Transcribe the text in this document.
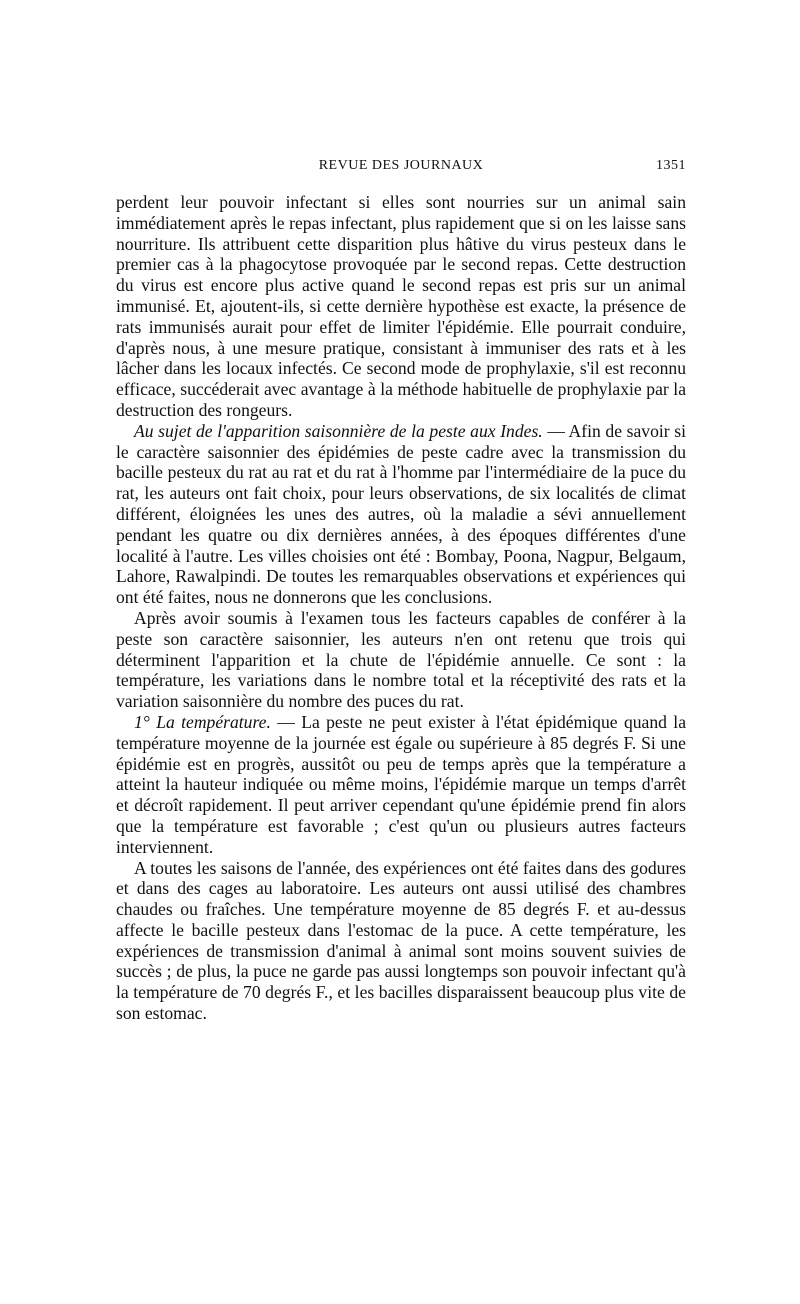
REVUE DES JOURNAUX	1351

perdent leur pouvoir infectant si elles sont nourries sur un animal sain immédiatement après le repas infectant, plus rapidement que si on les laisse sans nourriture. Ils attribuent cette disparition plus hâtive du virus pesteux dans le premier cas à la phagocytose provoquée par le second repas. Cette destruction du virus est encore plus active quand le second repas est pris sur un animal immunisé. Et, ajoutent-ils, si cette dernière hypothèse est exacte, la présence de rats immunisés aurait pour effet de limiter l'épidémie. Elle pourrait conduire, d'après nous, à une mesure pratique, consistant à immuniser des rats et à les lâcher dans les locaux infectés. Ce second mode de prophylaxie, s'il est reconnu efficace, succéderait avec avantage à la méthode habituelle de prophylaxie par la destruction des rongeurs.

Au sujet de l'apparition saisonnière de la peste aux Indes. — Afin de savoir si le caractère saisonnier des épidémies de peste cadre avec la transmission du bacille pesteux du rat au rat et du rat à l'homme par l'intermédiaire de la puce du rat, les auteurs ont fait choix, pour leurs observations, de six localités de climat différent, éloignées les unes des autres, où la maladie a sévi annuellement pendant les quatre ou dix dernières années, à des époques différentes d'une localité à l'autre. Les villes choisies ont été : Bombay, Poona, Nagpur, Belgaum, Lahore, Rawalpindi. De toutes les remarquables observations et expériences qui ont été faites, nous ne donnerons que les conclusions.

Après avoir soumis à l'examen tous les facteurs capables de conférer à la peste son caractère saisonnier, les auteurs n'en ont retenu que trois qui déterminent l'apparition et la chute de l'épidémie annuelle. Ce sont : la température, les variations dans le nombre total et la réceptivité des rats et la variation saisonnière du nombre des puces du rat.

1° La température. — La peste ne peut exister à l'état épidémique quand la température moyenne de la journée est égale ou supérieure à 85 degrés F. Si une épidémie est en progrès, aussitôt ou peu de temps après que la température a atteint la hauteur indiquée ou même moins, l'épidémie marque un temps d'arrêt et décroît rapidement. Il peut arriver cependant qu'une épidémie prend fin alors que la température est favorable ; c'est qu'un ou plusieurs autres facteurs interviennent.

A toutes les saisons de l'année, des expériences ont été faites dans des godures et dans des cages au laboratoire. Les auteurs ont aussi utilisé des chambres chaudes ou fraîches. Une température moyenne de 85 degrés F. et au-dessus affecte le bacille pesteux dans l'estomac de la puce. A cette température, les expériences de transmission d'animal à animal sont moins souvent suivies de succès ; de plus, la puce ne garde pas aussi longtemps son pouvoir infectant qu'à la température de 70 degrés F., et les bacilles disparaissent beaucoup plus vite de son estomac.
